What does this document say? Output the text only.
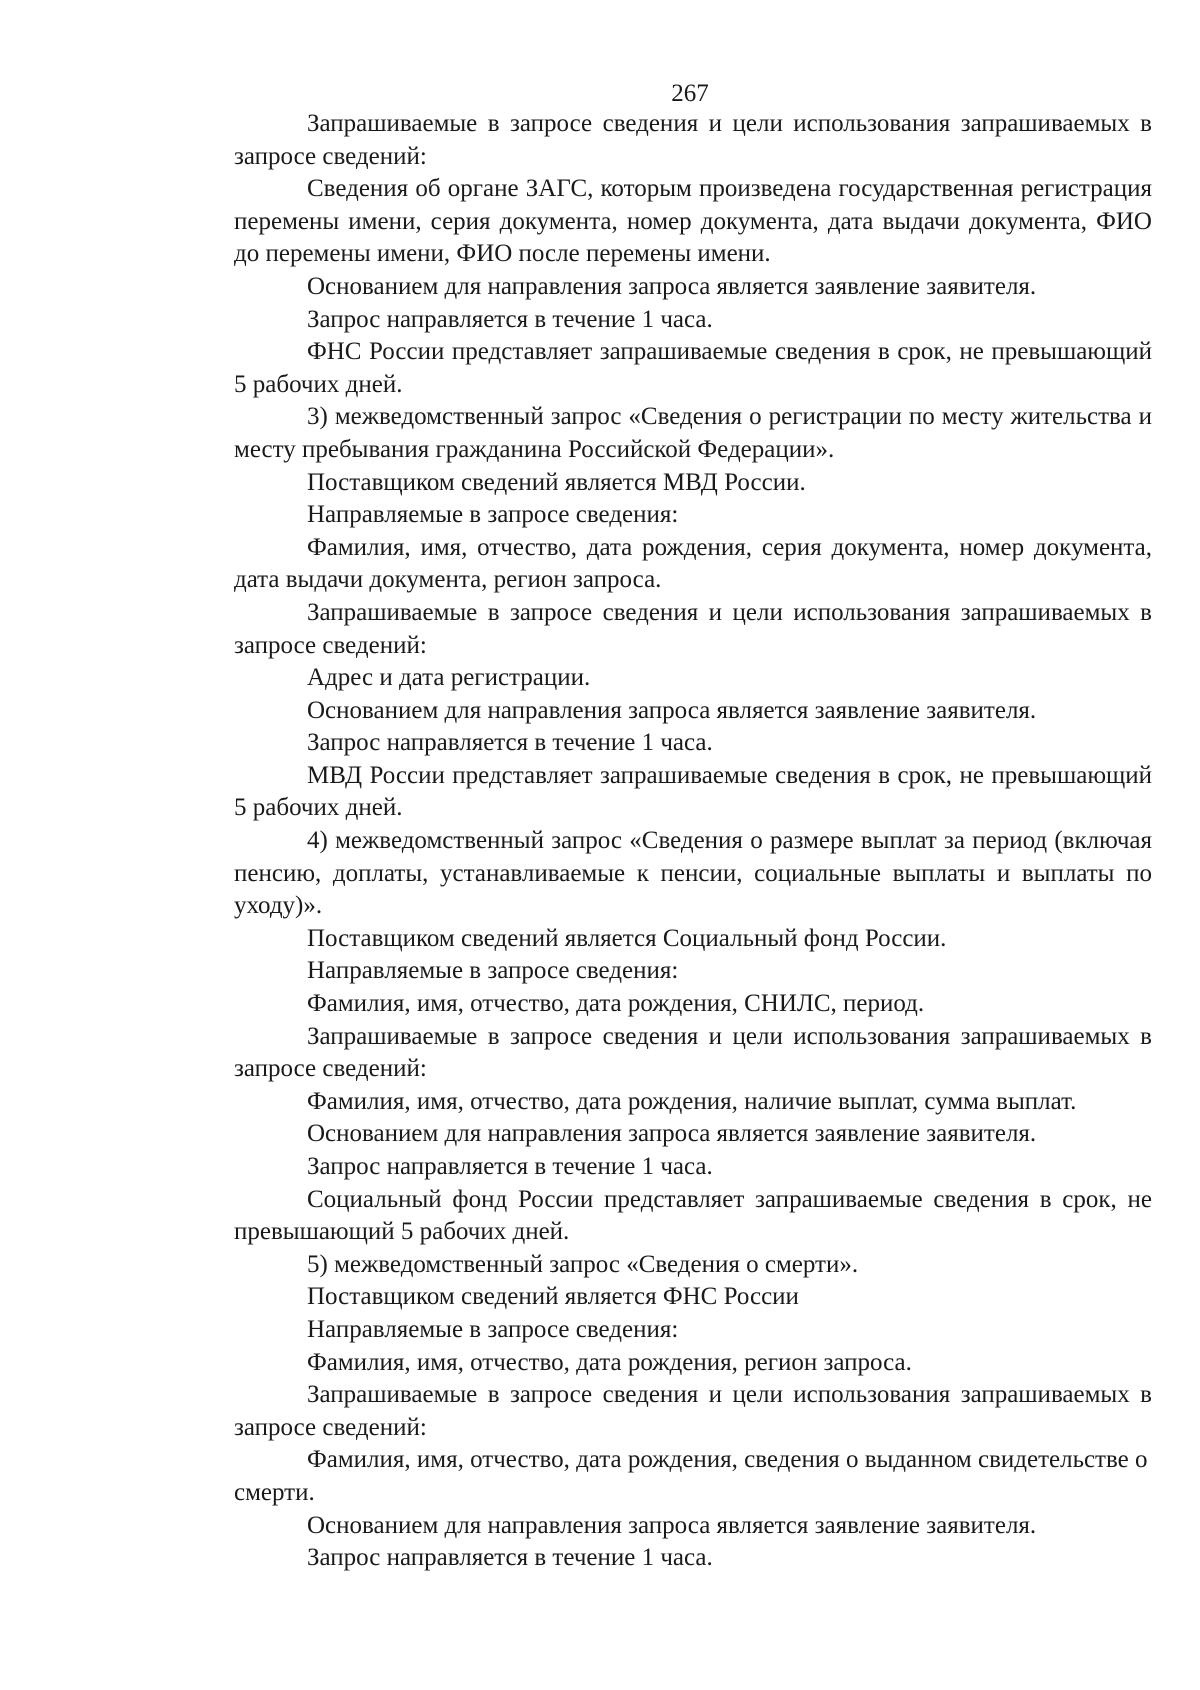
267

Запрашиваемые в запросе сведения и цели использования запрашиваемых в запросе сведений:

Сведения об органе ЗАГС, которым произведена государственная регистрация перемены имени, серия документа, номер документа, дата выдачи документа, ФИО до перемены имени, ФИО после перемены имени.

Основанием для направления запроса является заявление заявителя.

Запрос направляется в течение 1 часа.

ФНС России представляет запрашиваемые сведения в срок, не превышающий 5 рабочих дней.

3) межведомственный запрос «Сведения о регистрации по месту жительства и месту пребывания гражданина Российской Федерации».

Поставщиком сведений является МВД России.

Направляемые в запросе сведения:

Фамилия, имя, отчество, дата рождения, серия документа, номер документа, дата выдачи документа, регион запроса.

Запрашиваемые в запросе сведения и цели использования запрашиваемых в запросе сведений:

Адрес и дата регистрации.

Основанием для направления запроса является заявление заявителя.

Запрос направляется в течение 1 часа.

МВД России представляет запрашиваемые сведения в срок, не превышающий 5 рабочих дней.

4) межведомственный запрос «Сведения о размере выплат за период (включая пенсию, доплаты, устанавливаемые к пенсии, социальные выплаты и выплаты по уходу)».

Поставщиком сведений является Социальный фонд России.

Направляемые в запросе сведения:

Фамилия, имя, отчество, дата рождения, СНИЛС, период.

Запрашиваемые в запросе сведения и цели использования запрашиваемых в запросе сведений:

Фамилия, имя, отчество, дата рождения, наличие выплат, сумма выплат.

Основанием для направления запроса является заявление заявителя.

Запрос направляется в течение 1 часа.

Социальный фонд России представляет запрашиваемые сведения в срок, не превышающий 5 рабочих дней.

5) межведомственный запрос «Сведения о смерти».

Поставщиком сведений является ФНС России

Направляемые в запросе сведения:

Фамилия, имя, отчество, дата рождения, регион запроса.

Запрашиваемые в запросе сведения и цели использования запрашиваемых в запросе сведений:

Фамилия, имя, отчество, дата рождения, сведения о выданном свидетельстве о смерти.

Основанием для направления запроса является заявление заявителя.

Запрос направляется в течение 1 часа.
